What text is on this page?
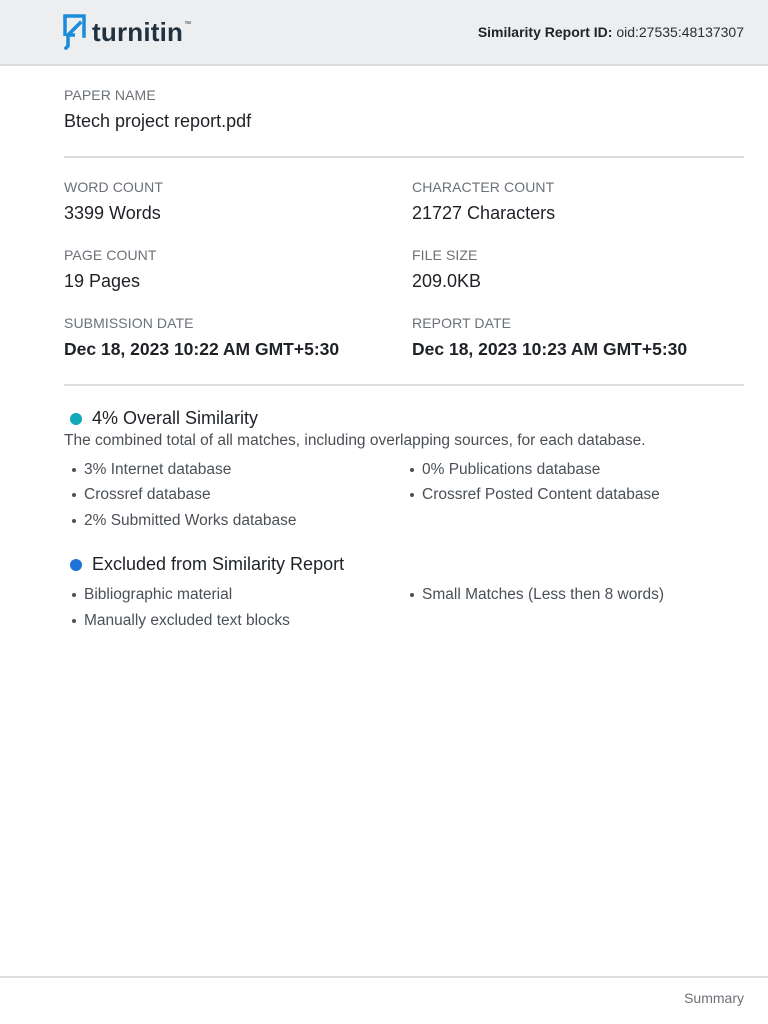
turnitin ™	Similarity Report ID: oid:27535:48137307
PAPER NAME
Btech project report.pdf
WORD COUNT
3399 Words
CHARACTER COUNT
21727 Characters
PAGE COUNT
19 Pages
FILE SIZE
209.0KB
SUBMISSION DATE
Dec 18, 2023 10:22 AM GMT+5:30
REPORT DATE
Dec 18, 2023 10:23 AM GMT+5:30
4% Overall Similarity
The combined total of all matches, including overlapping sources, for each database.
3% Internet database	0% Publications database
Crossref database	Crossref Posted Content database
2% Submitted Works database
Excluded from Similarity Report
Bibliographic material	Small Matches (Less then 8 words)
Manually excluded text blocks
Summary
